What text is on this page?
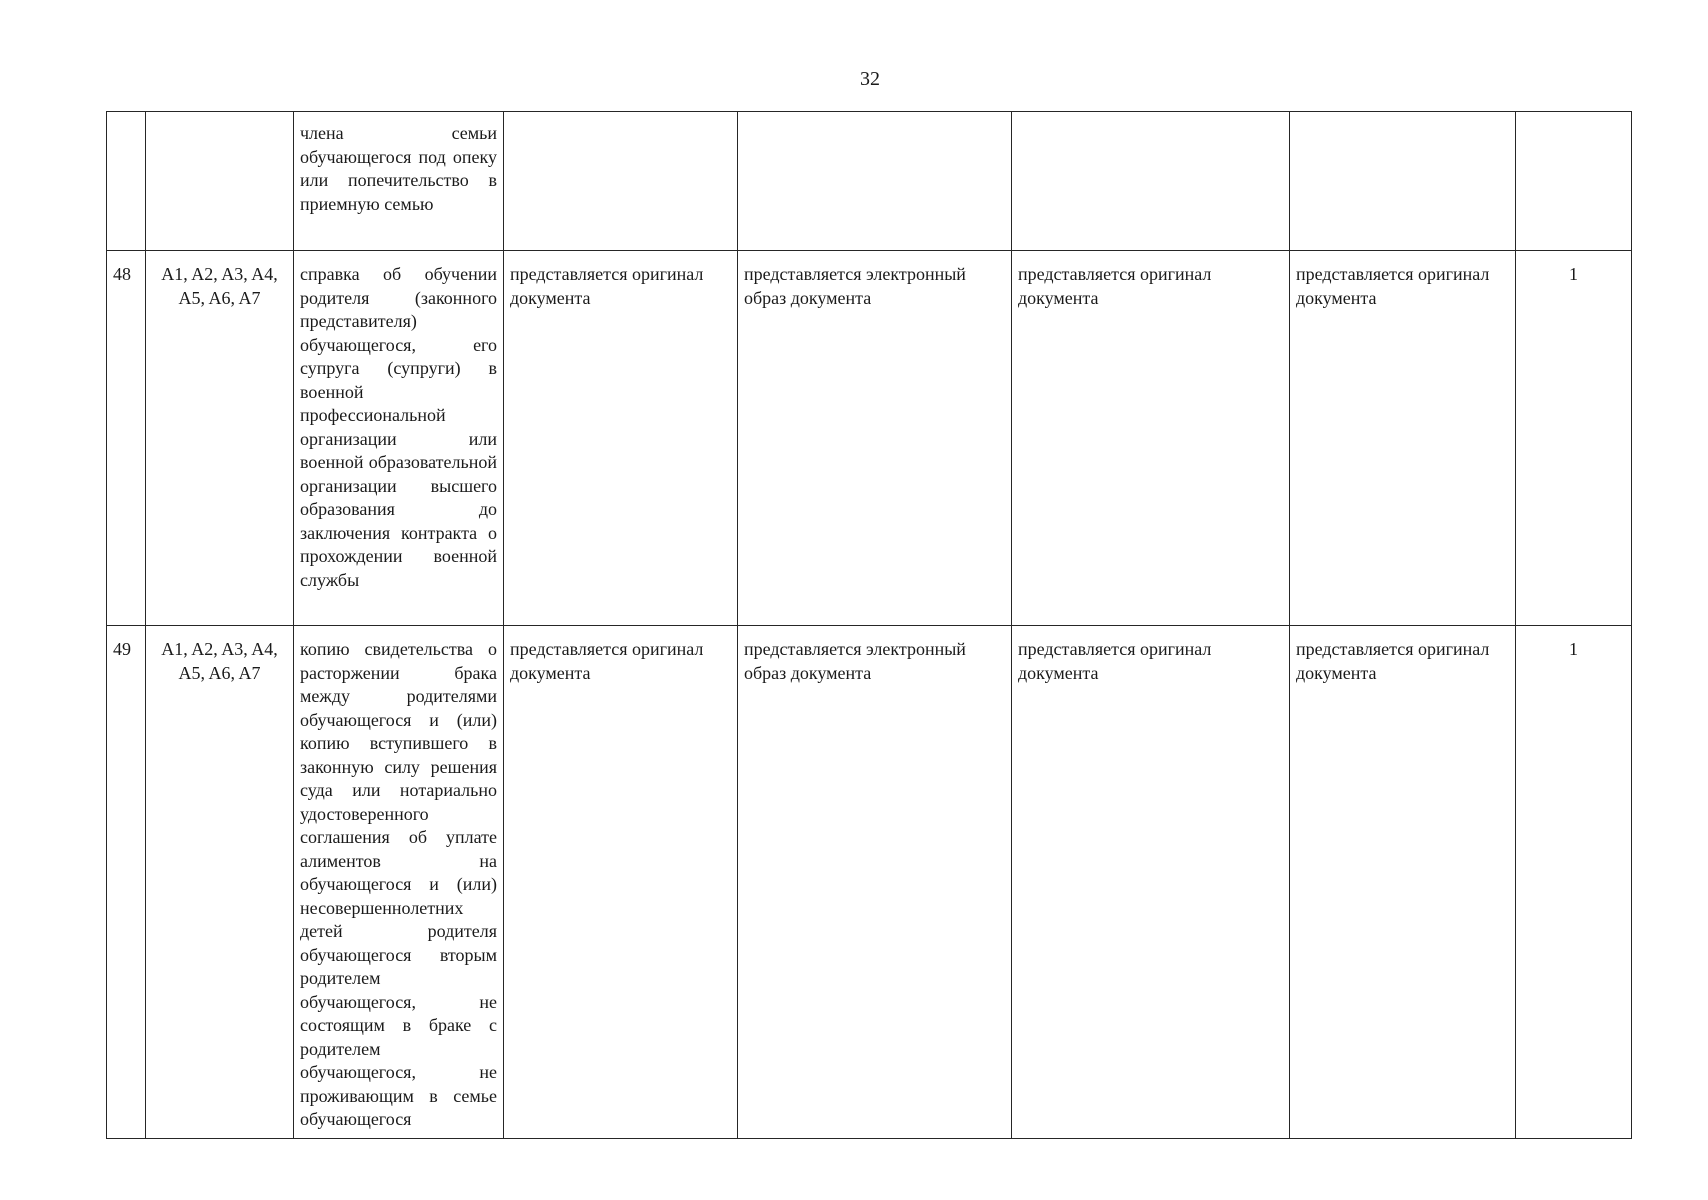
32
		члена семьи обучающегося под опеку или попечительство в приемную семью					
48	A1, A2, A3, A4, A5, A6, A7	справка об обучении родителя (законного представителя) обучающегося, его супруга (супруги) в военной профессиональной организации или военной образовательной организации высшего образования до заключения контракта о прохождении военной службы	представляется оригинал документа	представляется электронный образ документа	представляется оригинал документа	представляется оригинал документа	1
49	A1, A2, A3, A4, A5, A6, A7	копию свидетельства о расторжении брака между родителями обучающегося и (или) копию вступившего в законную силу решения суда или нотариально удостоверенного соглашения об уплате алиментов на обучающегося и (или) несовершеннолетних детей родителя обучающегося вторым родителем обучающегося, не состоящим в браке с родителем обучающегося, не проживающим в семье обучающегося	представляется оригинал документа	представляется электронный образ документа	представляется оригинал документа	представляется оригинал документа	1
